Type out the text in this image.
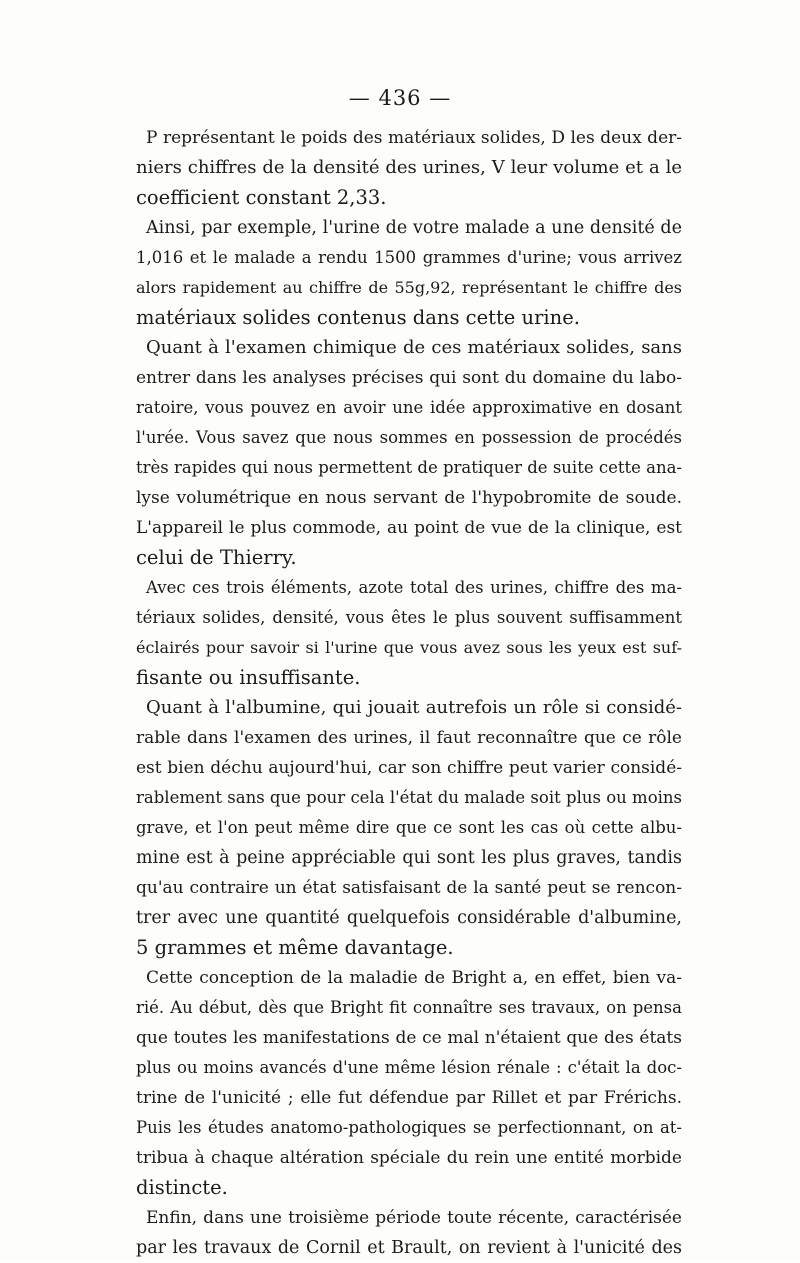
— 436 —
P représentant le poids des matériaux solides, D les deux der-
niers chiffres de la densité des urines, V leur volume et a le
coefficient constant 2,33.
Ainsi, par exemple, l'urine de votre malade a une densité de
1,016 et le malade a rendu 1500 grammes d'urine; vous arrivez
alors rapidement au chiffre de 55g,92, représentant le chiffre des
matériaux solides contenus dans cette urine.
Quant à l'examen chimique de ces matériaux solides, sans
entrer dans les analyses précises qui sont du domaine du labo-
ratoire, vous pouvez en avoir une idée approximative en dosant
l'urée. Vous savez que nous sommes en possession de procédés
très rapides qui nous permettent de pratiquer de suite cette ana-
lyse volumétrique en nous servant de l'hypobromite de soude.
L'appareil le plus commode, au point de vue de la clinique, est
celui de Thierry.
Avec ces trois éléments, azote total des urines, chiffre des ma-
tériaux solides, densité, vous êtes le plus souvent suffisamment
éclairés pour savoir si l'urine que vous avez sous les yeux est suf-
fisante ou insuffisante.
Quant à l'albumine, qui jouait autrefois un rôle si considé-
rable dans l'examen des urines, il faut reconnaître que ce rôle
est bien déchu aujourd'hui, car son chiffre peut varier considé-
rablement sans que pour cela l'état du malade soit plus ou moins
grave, et l'on peut même dire que ce sont les cas où cette albu-
mine est à peine appréciable qui sont les plus graves, tandis
qu'au contraire un état satisfaisant de la santé peut se rencon-
trer avec une quantité quelquefois considérable d'albumine,
5 grammes et même davantage.
Cette conception de la maladie de Bright a, en effet, bien va-
rié. Au début, dès que Bright fit connaître ses travaux, on pensa
que toutes les manifestations de ce mal n'étaient que des états
plus ou moins avancés d'une même lésion rénale : c'était la doc-
trine de l'unicité ; elle fut défendue par Rillet et par Frérichs.
Puis les études anatomo-pathologiques se perfectionnant, on at-
tribua à chaque altération spéciale du rein une entité morbide
distincte.
Enfin, dans une troisième période toute récente, caractérisée
par les travaux de Cornil et Brault, on revient à l'unicité des
